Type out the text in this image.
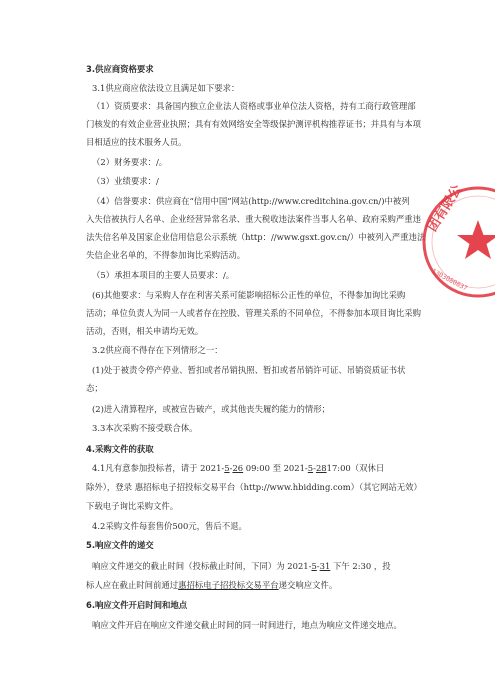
3.供应商资格要求
3.1供应商应依法设立且满足如下要求：
（1）资质要求：具备国内独立企业法人资格或事业单位法人资格，持有工商行政管理部
门核发的有效企业营业执照；具有有效网络安全等级保护测评机构推荐证书；并具有与本项
目相适应的技术服务人员。
（2）财务要求：/。
（3）业绩要求：/
（4）信誉要求：供应商在“信用中国”网站(http://www.creditchina.gov.cn/)中被列
入失信被执行人名单、企业经营异常名录、重大税收违法案件当事人名单、政府采购严重违
法失信名单及国家企业信用信息公示系统（http：//www.gsxt.gov.cn/）中被列入严重违法
失信企业名单的，不得参加询比采购活动。
（5）承担本项目的主要人员要求：/。
(6)其他要求：与采购人存在利害关系可能影响招标公正性的单位，不得参加询比采购
活动；单位负责人为同一人或者存在控股、管理关系的不同单位，不得参加本项目询比采购
活动，否则，相关申请均无效。
3.2供应商不得存在下列情形之一：
(1)处于被责令停产停业、暂扣或者吊销执照、暂扣或者吊销许可证、吊销资质证书状
态；
(2)进入清算程序，或被宣告破产，或其他丧失履约能力的情形；
3.3本次采购不接受联合体。
4.采购文件的获取
4.1凡有意参加投标者，请于 2021-5-26 09:00 至 2021-5-2817:00（双休日
除外），登录 惠招标电子招投标交易平台（http://www.hbidding.com）（其它网站无效）
下载电子询比采购文件。
4.2采购文件每套售价500元，售后不退。
5.响应文件的递交
响应文件递交的截止时间（投标截止时间，下同）为 2021-5-31 下午 2:30 ，投
标人应在截止时间前通过惠招标电子招投标交易平台递交响应文件。
6.响应文件开启时间和地点
响应文件开启在响应文件递交截止时间的同一时间进行，地点为响应文件递交地点。
团有限公
1303080837
